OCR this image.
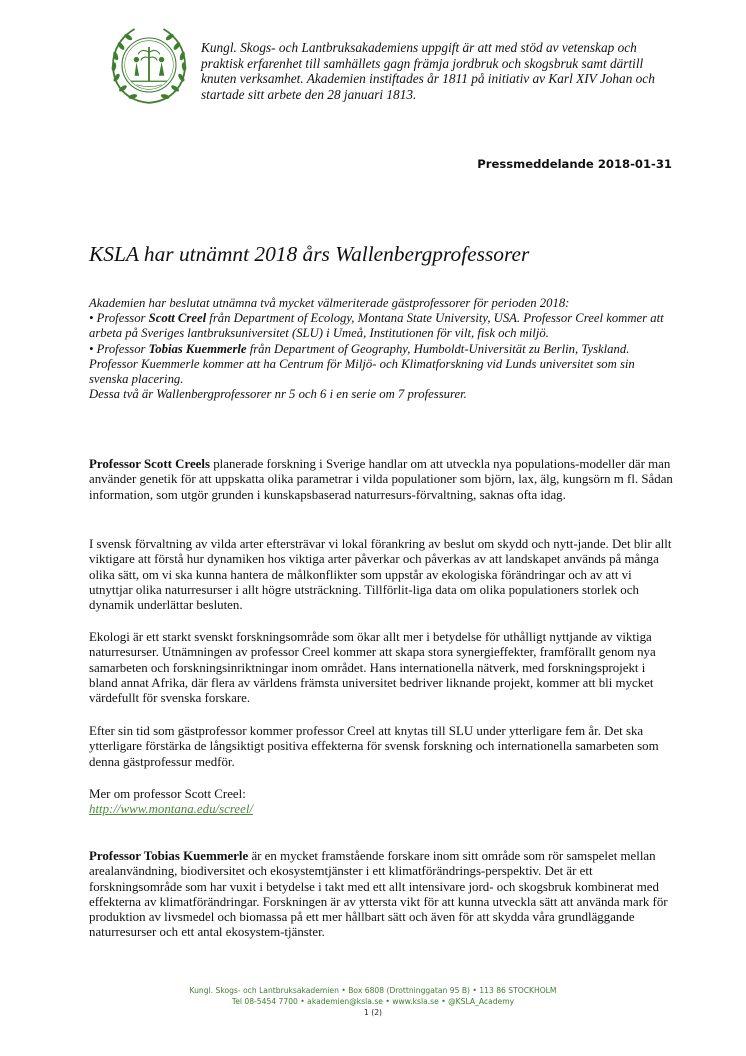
Kungl. Skogs- och Lantbruksakademiens uppgift är att med stöd av vetenskap och
praktisk erfarenhet till samhällets gagn främja jordbruk och skogsbruk samt därtill
knuten verksamhet. Akademien instiftades år 1811 på initiativ av Karl XIV Johan och
startade sitt arbete den 28 januari 1813.

Pressmeddelande 2018-01-31

KSLA har utnämnt 2018 års Wallenbergprofessorer
Akademien har beslutat utnämna två mycket välmeriterade gästprofessorer för perioden 2018:
• Professor Scott Creel från Department of Ecology, Montana State University, USA. Professor Creel kommer att arbeta på Sveriges lantbruksuniversitet (SLU) i Umeå, Institutionen för vilt, fisk och miljö.
• Professor Tobias Kuemmerle från Department of Geography, Humboldt-Universität zu Berlin, Tyskland. Professor Kuemmerle kommer att ha Centrum för Miljö- och Klimatforskning vid Lunds universitet som sin svenska placering.
Dessa två är Wallenbergprofessorer nr 5 och 6 i en serie om 7 professurer.

Professor Scott Creels planerade forskning i Sverige handlar om att utveckla nya populations-modeller där man använder genetik för att uppskatta olika parametrar i vilda populationer som björn, lax, älg, kungsörn m fl. Sådan information, som utgör grunden i kunskapsbaserad naturresurs-förvaltning, saknas ofta idag.

I svensk förvaltning av vilda arter eftersträvar vi lokal förankring av beslut om skydd och nytt-jande. Det blir allt viktigare att förstå hur dynamiken hos viktiga arter påverkar och påverkas av att landskapet används på många olika sätt, om vi ska kunna hantera de målkonflikter som uppstår av ekologiska förändringar och av att vi utnyttjar olika naturresurser i allt högre utsträckning. Tillförlit-liga data om olika populationers storlek och dynamik underlättar besluten.

Ekologi är ett starkt svenskt forskningsområde som ökar allt mer i betydelse för uthålligt nyttjande av viktiga naturresurser. Utnämningen av professor Creel kommer att skapa stora synergieffekter, framförallt genom nya samarbeten och forskningsinriktningar inom området. Hans internationella nätverk, med forskningsprojekt i bland annat Afrika, där flera av världens främsta universitet bedriver liknande projekt, kommer att bli mycket värdefullt för svenska forskare.

Efter sin tid som gästprofessor kommer professor Creel att knytas till SLU under ytterligare fem år. Det ska ytterligare förstärka de långsiktigt positiva effekterna för svensk forskning och internationella samarbeten som denna gästprofessur medför.

Mer om professor Scott Creel:
http://www.montana.edu/screel/

Professor Tobias Kuemmerle är en mycket framstående forskare inom sitt område som rör samspelet mellan arealanvändning, biodiversitet och ekosystemtjänster i ett klimatförändrings-perspektiv. Det är ett forskningsområde som har vuxit i betydelse i takt med ett allt intensivare jord- och skogsbruk kombinerat med effekterna av klimatförändringar. Forskningen är av yttersta vikt för att kunna utveckla sätt att använda mark för produktion av livsmedel och biomassa på ett mer hållbart sätt och även för att skydda våra grundläggande naturresurser och ett antal ekosystem-tjänster.

Kungl. Skogs- och Lantbruksakademien • Box 6808 (Drottninggatan 95 B) • 113 86 STOCKHOLM
Tel 08-5454 7700 • akademien@ksla.se • www.ksla.se • @KSLA_Academy
1 (2)
